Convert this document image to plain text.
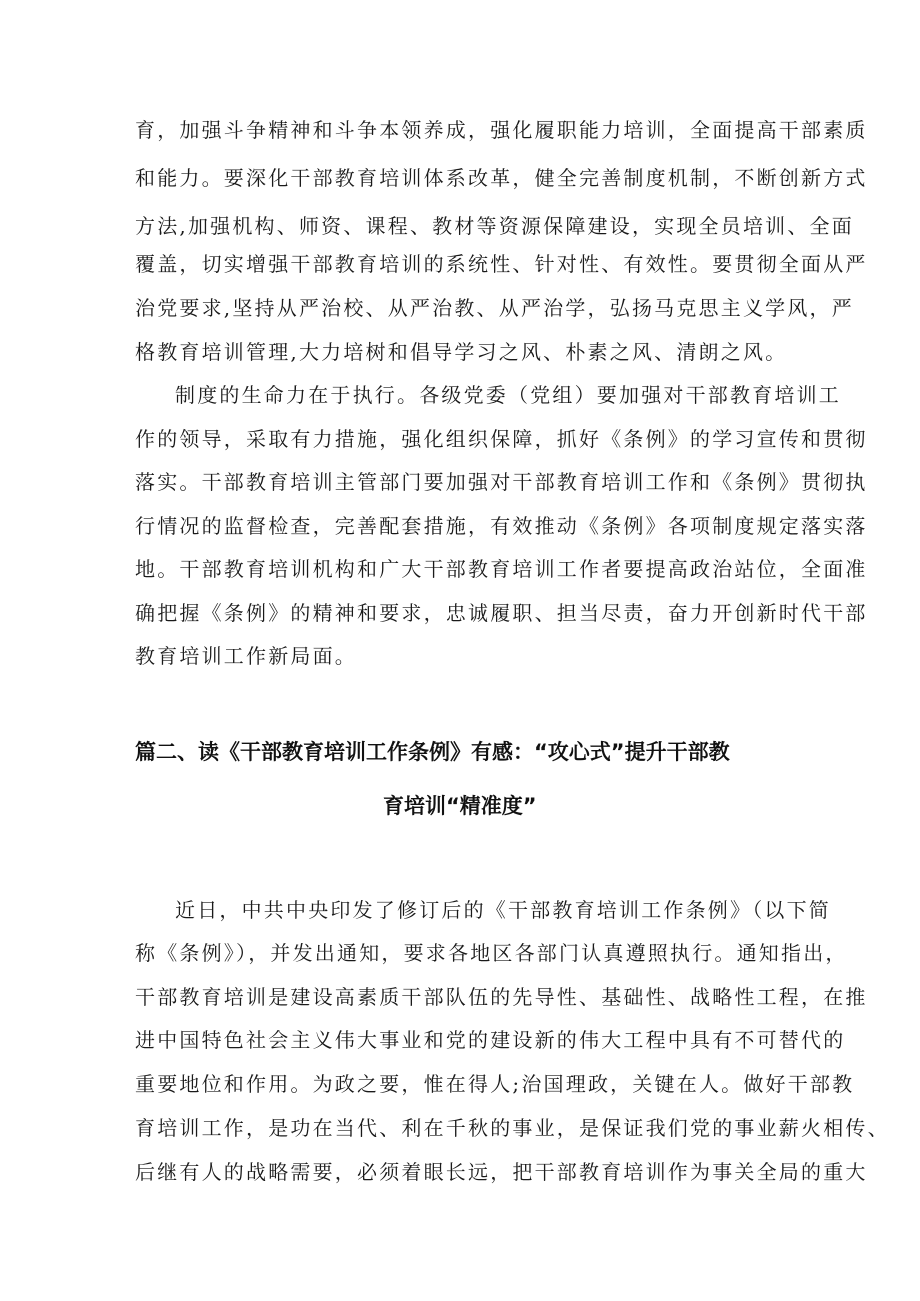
育，加强斗争精神和斗争本领养成，强化履职能力培训，全面提高干部素质
和能力。要深化干部教育培训体系改革，健全完善制度机制，不断创新方式
方法,加强机构、师资、课程、教材等资源保障建设，实现全员培训、全面
覆盖，切实增强干部教育培训的系统性、针对性、有效性。要贯彻全面从严
治党要求,坚持从严治校、从严治教、从严治学，弘扬马克思主义学风，严
格教育培训管理,大力培树和倡导学习之风、朴素之风、清朗之风。
制度的生命力在于执行。各级党委（党组）要加强对干部教育培训工
作的领导，采取有力措施，强化组织保障，抓好《条例》的学习宣传和贯彻
落实。干部教育培训主管部门要加强对干部教育培训工作和《条例》贯彻执
行情况的监督检查，完善配套措施，有效推动《条例》各项制度规定落实落
地。干部教育培训机构和广大干部教育培训工作者要提高政治站位，全面准
确把握《条例》的精神和要求，忠诚履职、担当尽责，奋力开创新时代干部
教育培训工作新局面。
篇二、读《干部教育培训工作条例》有感：“攻心式”提升干部教
育培训“精准度”
近日，中共中央印发了修订后的《干部教育培训工作条例》（以下简
称《条例》），并发出通知，要求各地区各部门认真遵照执行。通知指出，
干部教育培训是建设高素质干部队伍的先导性、基础性、战略性工程，在推
进中国特色社会主义伟大事业和党的建设新的伟大工程中具有不可替代的
重要地位和作用。为政之要，惟在得人;治国理政，关键在人。做好干部教
育培训工作，是功在当代、利在千秋的事业，是保证我们党的事业薪火相传、
后继有人的战略需要，必须着眼长远，把干部教育培训作为事关全局的重大
